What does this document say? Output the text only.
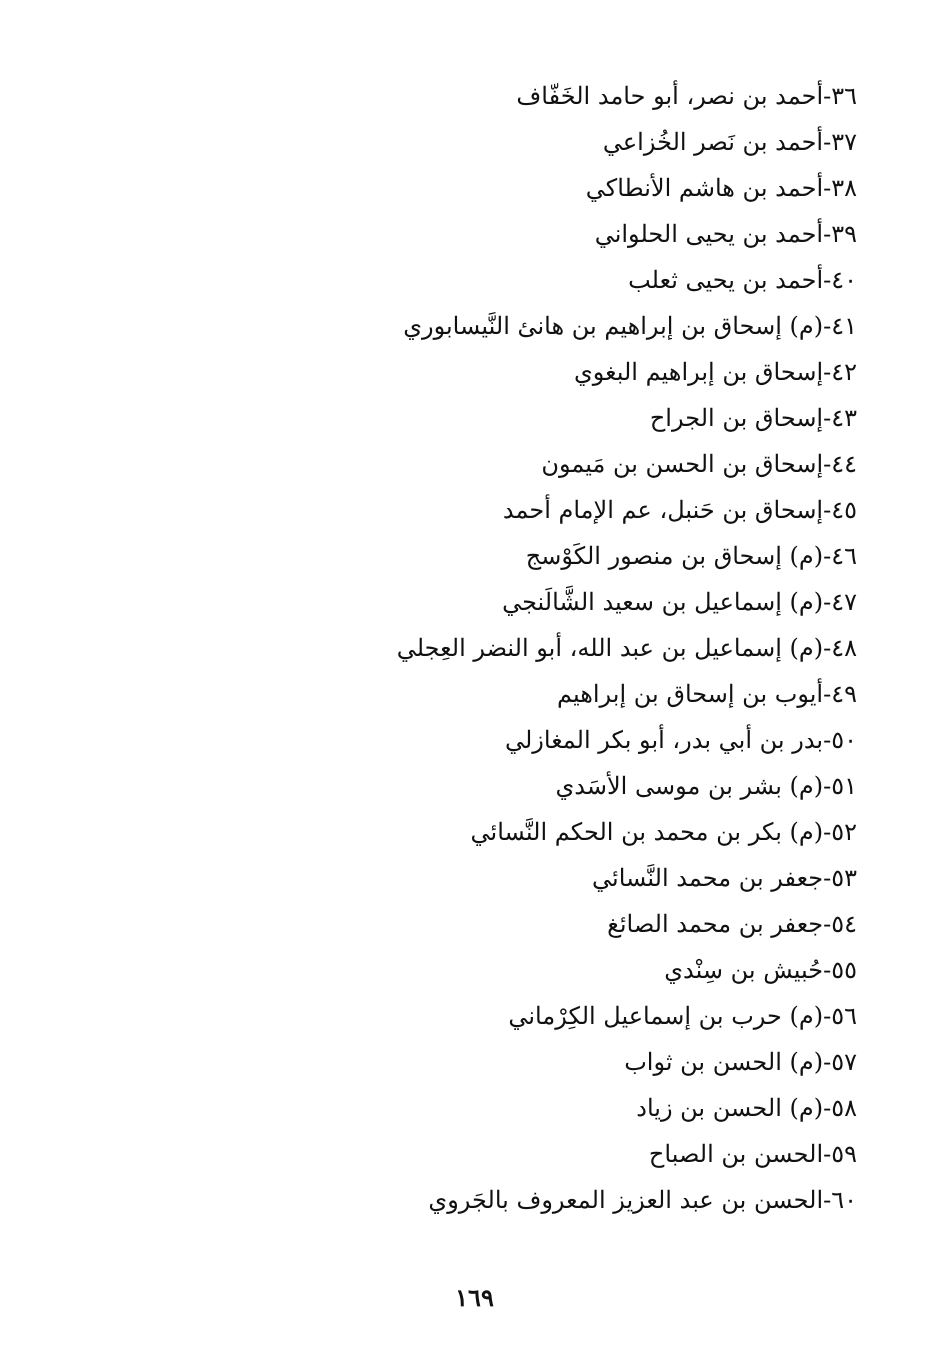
٣٦-أحمد بن نصر، أبو حامد الخَفّاف
٣٧-أحمد بن نَصر الخُزاعي
٣٨-أحمد بن هاشم الأنطاكي
٣٩-أحمد بن يحيى الحلواني
٤٠-أحمد بن يحيى ثعلب
٤١-(م) إسحاق بن إبراهيم بن هانئ النَّيسابوري
٤٢-إسحاق بن إبراهيم البغوي
٤٣-إسحاق بن الجراح
٤٤-إسحاق بن الحسن بن مَيمون
٤٥-إسحاق بن حَنبل، عم الإمام أحمد
٤٦-(م) إسحاق بن منصور الكَوْسج
٤٧-(م) إسماعيل بن سعيد الشَّالَنجي
٤٨-(م) إسماعيل بن عبد الله، أبو النضر العِجلي
٤٩-أيوب بن إسحاق بن إبراهيم
٥٠-بدر بن أبي بدر، أبو بكر المغازلي
٥١-(م) بشر بن موسى الأسَدي
٥٢-(م) بكر بن محمد بن الحكم النَّسائي
٥٣-جعفر بن محمد النَّسائي
٥٤-جعفر بن محمد الصائغ
٥٥-حُبيش بن سِنْدي
٥٦-(م) حرب بن إسماعيل الكِرْماني
٥٧-(م) الحسن بن ثواب
٥٨-(م) الحسن بن زياد
٥٩-الحسن بن الصباح
٦٠-الحسن بن عبد العزيز المعروف بالجَروي
١٦٩
